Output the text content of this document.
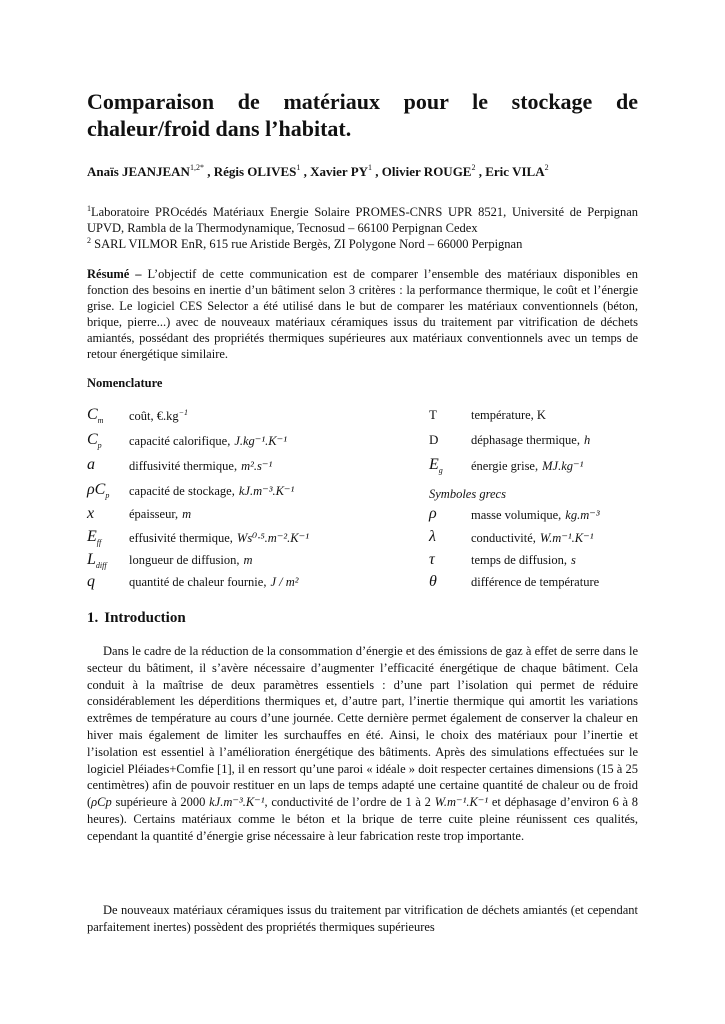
Comparaison de matériaux pour le stockage de chaleur/froid dans l’habitat.
Anaïs $JEANJEAN^{1,2*}$ , Régis OLIVES$^1$ , Xavier $PY^1$ , Olivier ROUGE$^2$ , Eric VILA$^2$
$^1$Laboratoire PROcédés Matériaux Energie Solaire PROMES-CNRS UPR 8521, Université de Perpignan UPVD, Rambla de la Thermodynamique, Tecnosud – 66100 Perpignan Cedex
$^2$ SARL VILMOR EnR, 615 rue Aristide Bergès, ZI Polygone Nord – 66000 Perpignan

Résumé – L’objectif de cette communication est de comparer l’ensemble des matériaux disponibles en fonction des besoins en inertie d’un bâtiment selon 3 critères : la performance thermique, le coût et l’énergie grise. Le logiciel CES Selector a été utilisé dans le but de comparer les matériaux conventionnels (béton, brique, pierre...) avec de nouveaux matériaux céramiques issus du traitement par vitrification de déchets amiantés, possédant des propriétés thermiques supérieures aux matériaux conventionnels avec un temps de retour énergétique similaire.

Nomenclature
$C_m$	coût, $€.kg^{-1}$
$C_p$	capacité calorifique, J.kg⁻¹.K⁻¹
a	diffusivité thermique, m².s⁻¹
$\rho C_p$	capacité de stockage, kJ.m⁻³.K⁻¹
x	épaisseur, m
$E_{ff}$	effusivité thermique, Ws⁰·⁵.m⁻².K⁻¹
$L_{diff}$	longueur de diffusion, m
q	quantité de chaleur fournie, J / m²
T	température, K
D	déphasage thermique, h
$E_g$	énergie grise, MJ.kg⁻¹
Symboles grecs
ρ	masse volumique, kg.m⁻³
λ	conductivité, W.m⁻¹.K⁻¹
τ	temps de diffusion, s
θ	différence de température
1. Introduction

Dans le cadre de la réduction de la consommation d’énergie et des émissions de gaz à effet de serre dans le secteur du bâtiment, il s’avère nécessaire d’augmenter l’efficacité énergétique de chaque bâtiment. Cela conduit à la maîtrise de deux paramètres essentiels : d’une part l’isolation qui permet de réduire considérablement les déperditions thermiques et, d’autre part, l’inertie thermique qui amortit les variations extrêmes de température au cours d’une journée. Cette dernière permet également de conserver la chaleur en hiver mais également de limiter les surchauffes en été. Ainsi, le choix des matériaux pour l’inertie et l’isolation est essentiel à l’amélioration énergétique des bâtiments. Après des simulations effectuées sur le logiciel Pléiades+Comfie [1], il en ressort qu’une paroi « idéale » doit respecter certaines dimensions (15 à 25 centimètres) afin de pouvoir restituer en un laps de temps adapté une certaine quantité de chaleur ou de froid (ρCp supérieure à 2000 kJ.m⁻³.K⁻¹, conductivité de l’ordre de 1 à 2 W.m⁻¹.K⁻¹ et déphasage d’environ 6 à 8 heures). Certains matériaux comme le béton et la brique de terre cuite pleine réunissent ces qualités, cependant la quantité d’énergie grise nécessaire à leur fabrication reste trop importante.

De nouveaux matériaux céramiques issus du traitement par vitrification de déchets amiantés (et cependant parfaitement inertes) possèdent des propriétés thermiques supérieures
